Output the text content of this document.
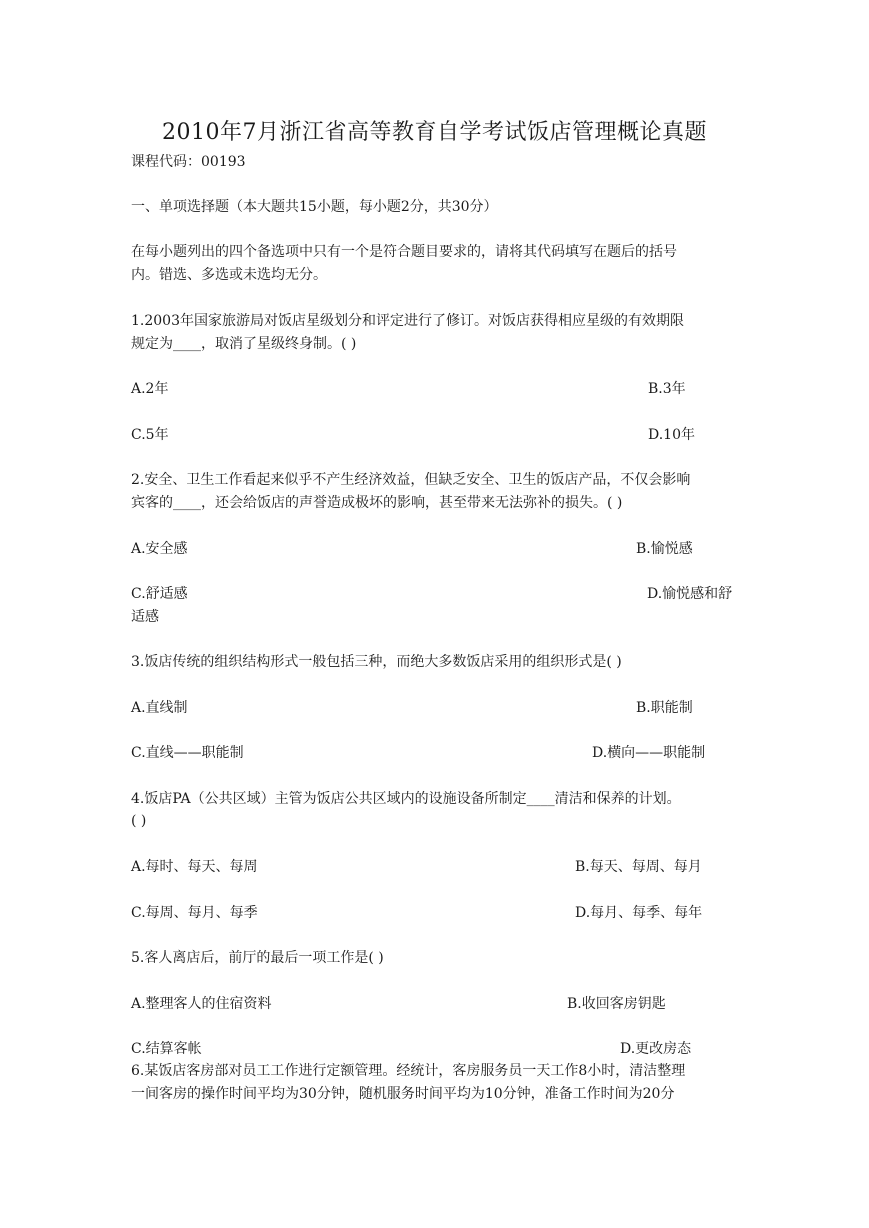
2010年7月浙江省高等教育自学考试饭店管理概论真题
课程代码：00193
一、单项选择题（本大题共15小题，每小题2分，共30分）
在每小题列出的四个备选项中只有一个是符合题目要求的，请将其代码填写在题后的括号
内。错选、多选或未选均无分。
1.2003年国家旅游局对饭店星级划分和评定进行了修订。对饭店获得相应星级的有效期限
规定为____，取消了星级终身制。( )
A.2年	B.3年
C.5年	D.10年
2.安全、卫生工作看起来似乎不产生经济效益，但缺乏安全、卫生的饭店产品，不仅会影响
宾客的____，还会给饭店的声誉造成极坏的影响，甚至带来无法弥补的损失。( )
A.安全感	B.愉悦感
C.舒适感	D.愉悦感和舒
适感
3.饭店传统的组织结构形式一般包括三种，而绝大多数饭店采用的组织形式是( )
A.直线制	B.职能制
C.直线——职能制	D.横向——职能制
4.饭店PA（公共区域）主管为饭店公共区域内的设施设备所制定____清洁和保养的计划。
( )
A.每时、每天、每周	B.每天、每周、每月
C.每周、每月、每季	D.每月、每季、每年
5.客人离店后，前厅的最后一项工作是( )
A.整理客人的住宿资料	B.收回客房钥匙
C.结算客帐	D.更改房态
6.某饭店客房部对员工工作进行定额管理。经统计，客房服务员一天工作8小时，清洁整理
一间客房的操作时间平均为30分钟，随机服务时间平均为10分钟，准备工作时间为20分
